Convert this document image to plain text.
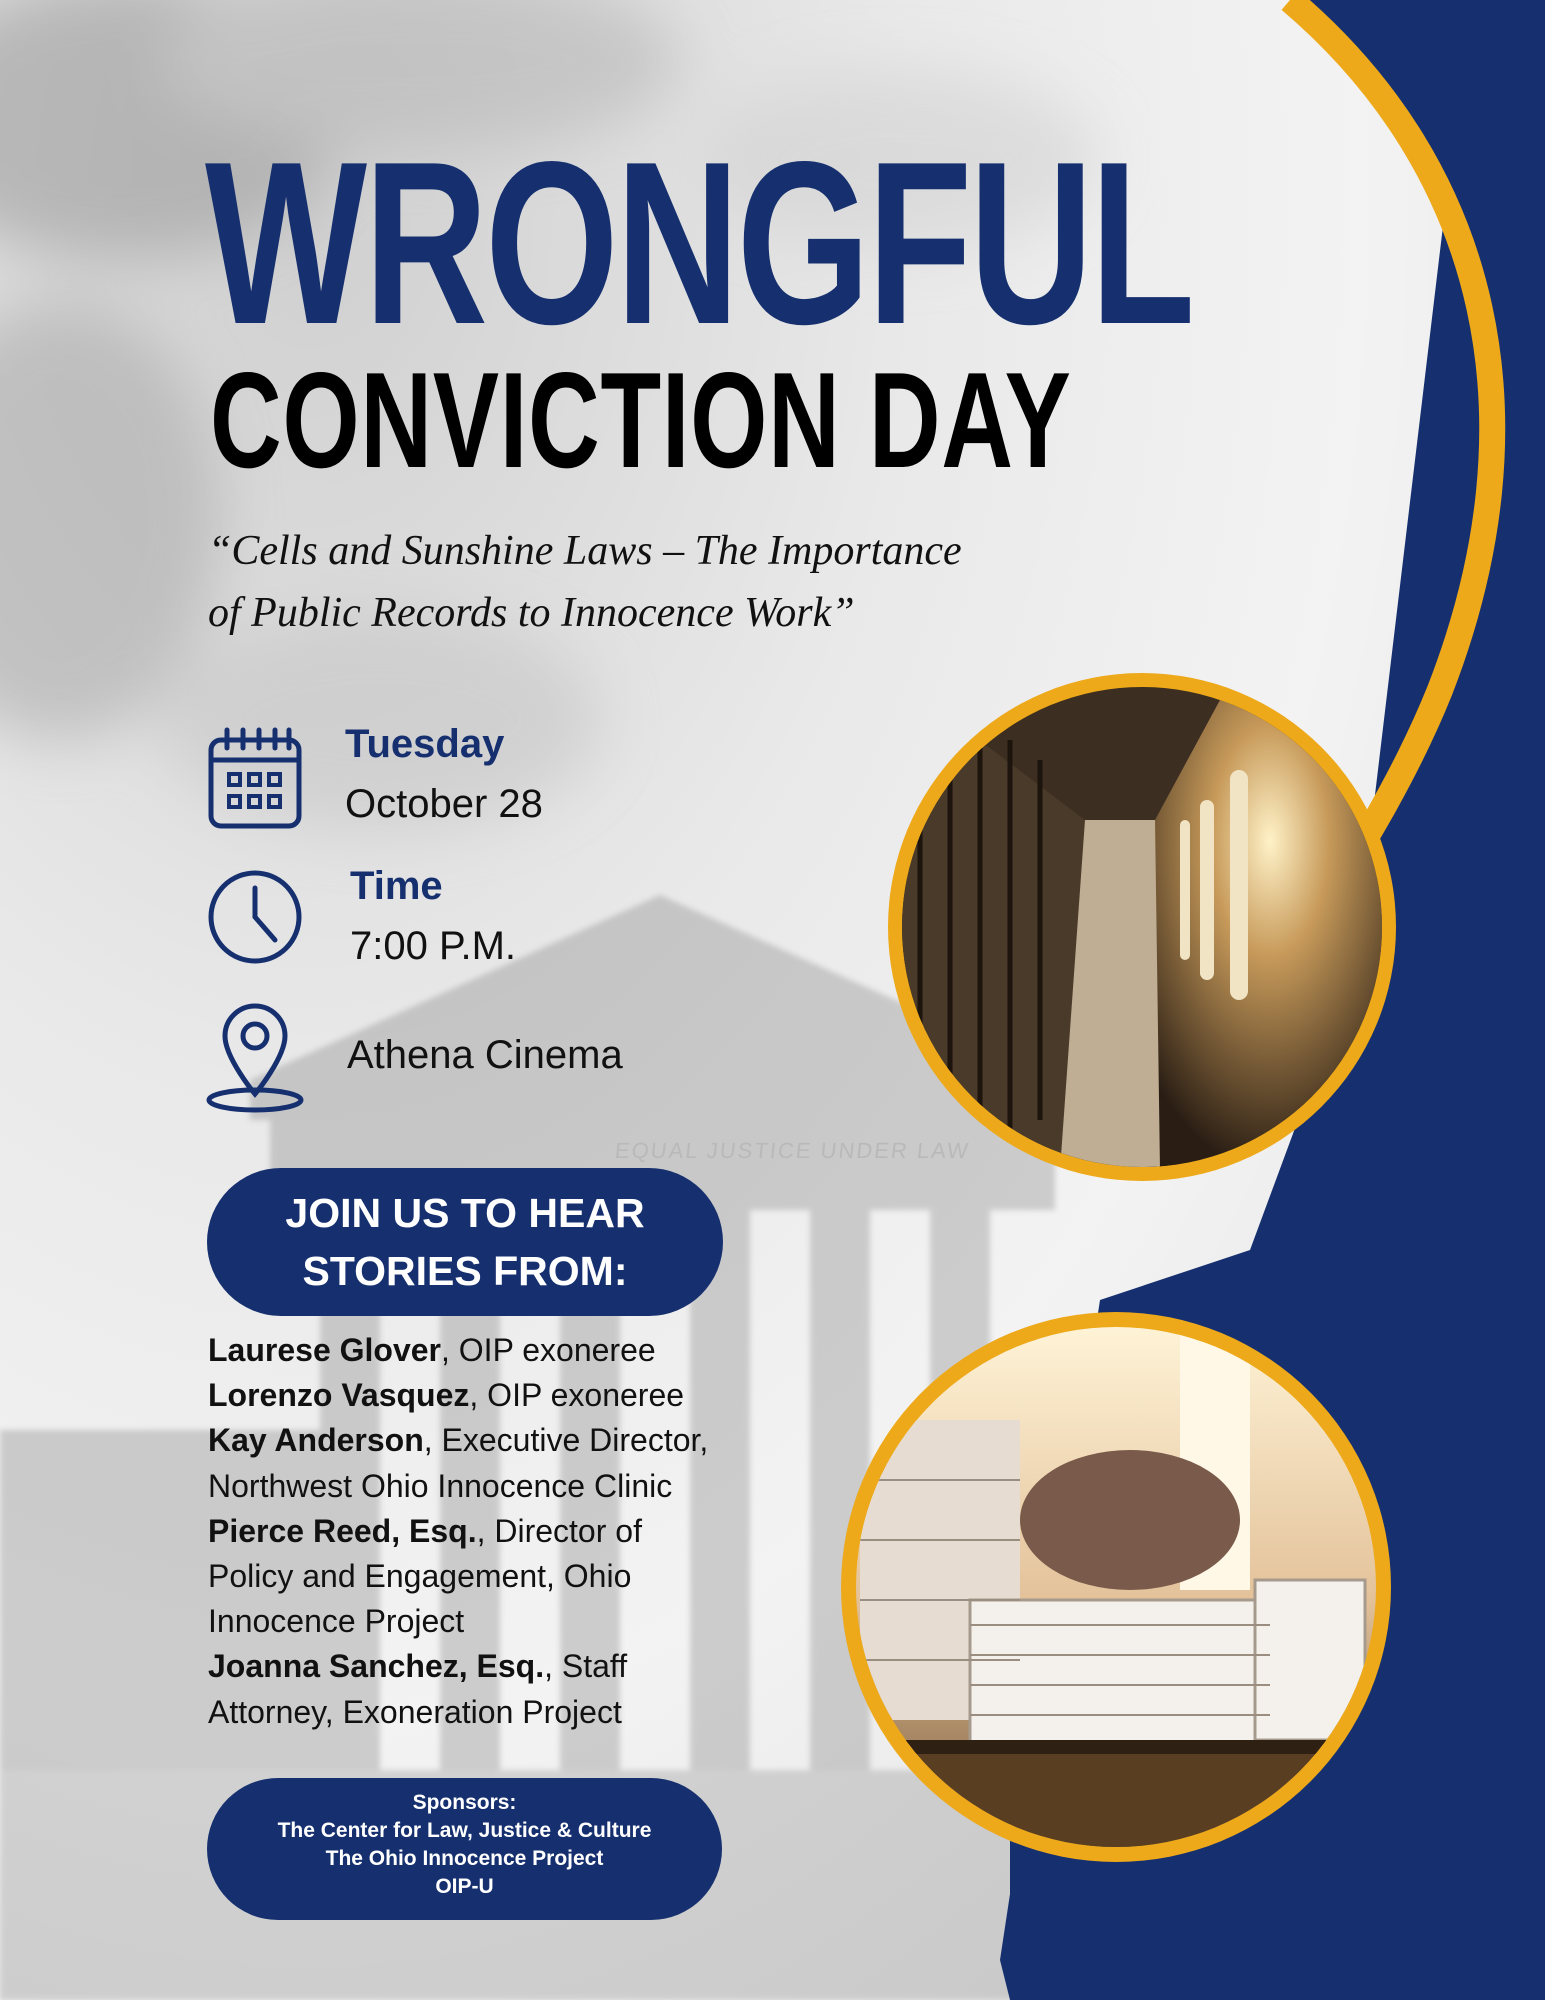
WRONGFUL
CONVICTION DAY
“Cells and Sunshine Laws – The Importance of Public Records to Innocence Work”
Tuesday
October 28
Time
7:00 P.M.
Athena Cinema
JOIN US TO HEAR
STORIES FROM:
Laurese Glover, OIP exoneree
Lorenzo Vasquez, OIP exoneree
Kay Anderson, Executive Director, Northwest Ohio Innocence Clinic
Pierce Reed, Esq., Director of Policy and Engagement, Ohio Innocence Project
Joanna Sanchez, Esq., Staff Attorney, Exoneration Project
Sponsors:
The Center for Law, Justice & Culture
The Ohio Innocence Project
OIP-U
EQUAL JUSTICE UNDER LAW
